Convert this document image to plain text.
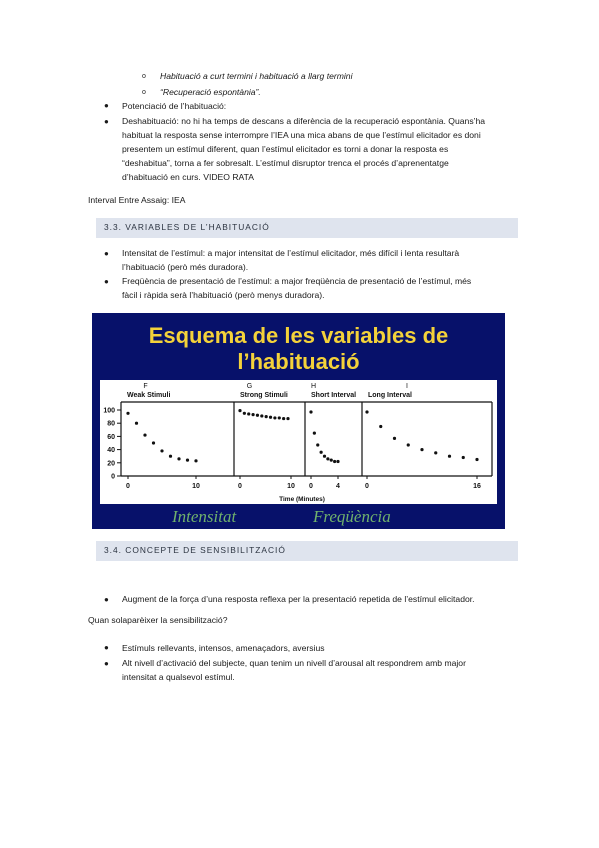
o Habituació a curt termini i habituació a llarg termini
o “Recuperació espontània”.
● Potenciació de l’habituació:
● Deshabituació: no hi ha temps de descans a diferència de la recuperació espontània. Quans’ha
habituat la resposta sense interrompre l’IEA una mica abans de que l’estímul elicitador es doni
presentem un estímul diferent, quan l’estímul elicitador es torni a donar la resposta es
“deshabitua”, torna a fer sobresalt. L’estímul disruptor trenca el procés d’aprenentatge
d’habituació en curs. VIDEO RATA
Interval Entre Assaig: IEA
3.3. VARIABLES DE L’HABITUACIÓ
● Intensitat de l’estímul: a major intensitat de l’estímul elicitador, més difícil i lenta resultarà
l’habituació (però més duradora).
● Freqüència de presentació de l’estímul: a major freqüència de presentació de l’estímul, més
fàcil i ràpida serà l’habituació (però menys duradora).
Esquema de les variables de
l’habituació
100
80
60
40
20
0
F
Weak Stimuli
0	10
G
Strong Stimuli
0	10
H
Short Interval
0	4
I
Long Interval
0	16
Time (Minutes)
Intensitat	Freqüència
3.4. CONCEPTE DE SENSIBILITZACIÓ
● Augment de la força d’una resposta reflexa per la presentació repetida de l’estímul elicitador.
Quan solaparèixer la sensibilització?
● Estímuls rellevants, intensos, amenaçadors, aversius
● Alt nivell d’activació del subjecte, quan tenim un nivell d’arousal alt respondrem amb major
intensitat a qualsevol estímul.
